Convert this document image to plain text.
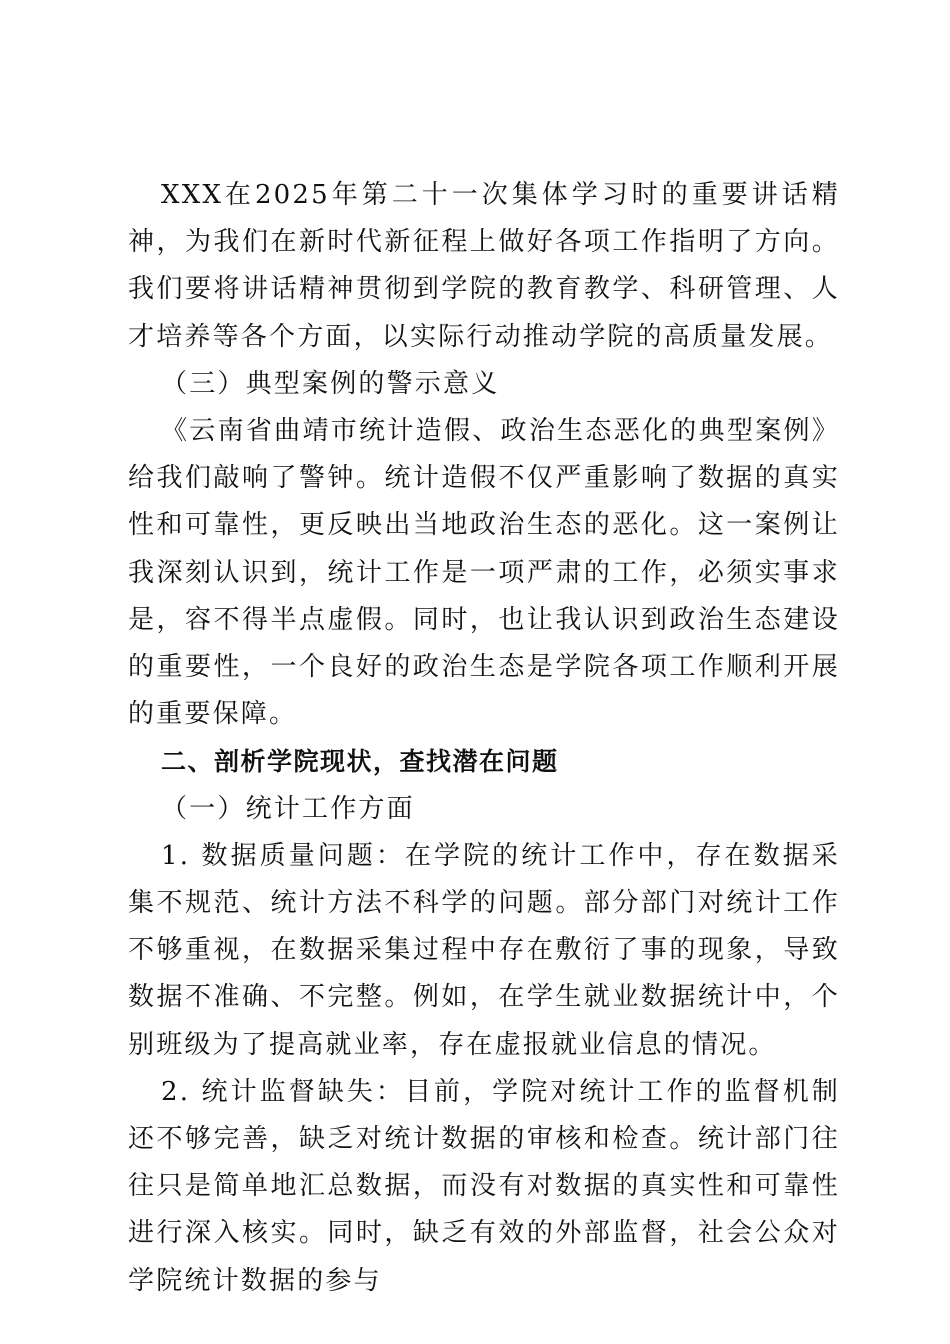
XXX在2025年第二十一次集体学习时的重要讲话精神，为我们在新时代新征程上做好各项工作指明了方向。我们要将讲话精神贯彻到学院的教育教学、科研管理、人才培养等各个方面，以实际行动推动学院的高质量发展。

（三）典型案例的警示意义

《云南省曲靖市统计造假、政治生态恶化的典型案例》给我们敲响了警钟。统计造假不仅严重影响了数据的真实性和可靠性，更反映出当地政治生态的恶化。这一案例让我深刻认识到，统计工作是一项严肃的工作，必须实事求是，容不得半点虚假。同时，也让我认识到政治生态建设的重要性，一个良好的政治生态是学院各项工作顺利开展的重要保障。

二、剖析学院现状，查找潜在问题

（一）统计工作方面

1. 数据质量问题：在学院的统计工作中，存在数据采集不规范、统计方法不科学的问题。部分部门对统计工作不够重视，在数据采集过程中存在敷衍了事的现象，导致数据不准确、不完整。例如，在学生就业数据统计中，个别班级为了提高就业率，存在虚报就业信息的情况。

2. 统计监督缺失：目前，学院对统计工作的监督机制还不够完善，缺乏对统计数据的审核和检查。统计部门往往只是简单地汇总数据，而没有对数据的真实性和可靠性进行深入核实。同时，缺乏有效的外部监督，社会公众对学院统计数据的参与
